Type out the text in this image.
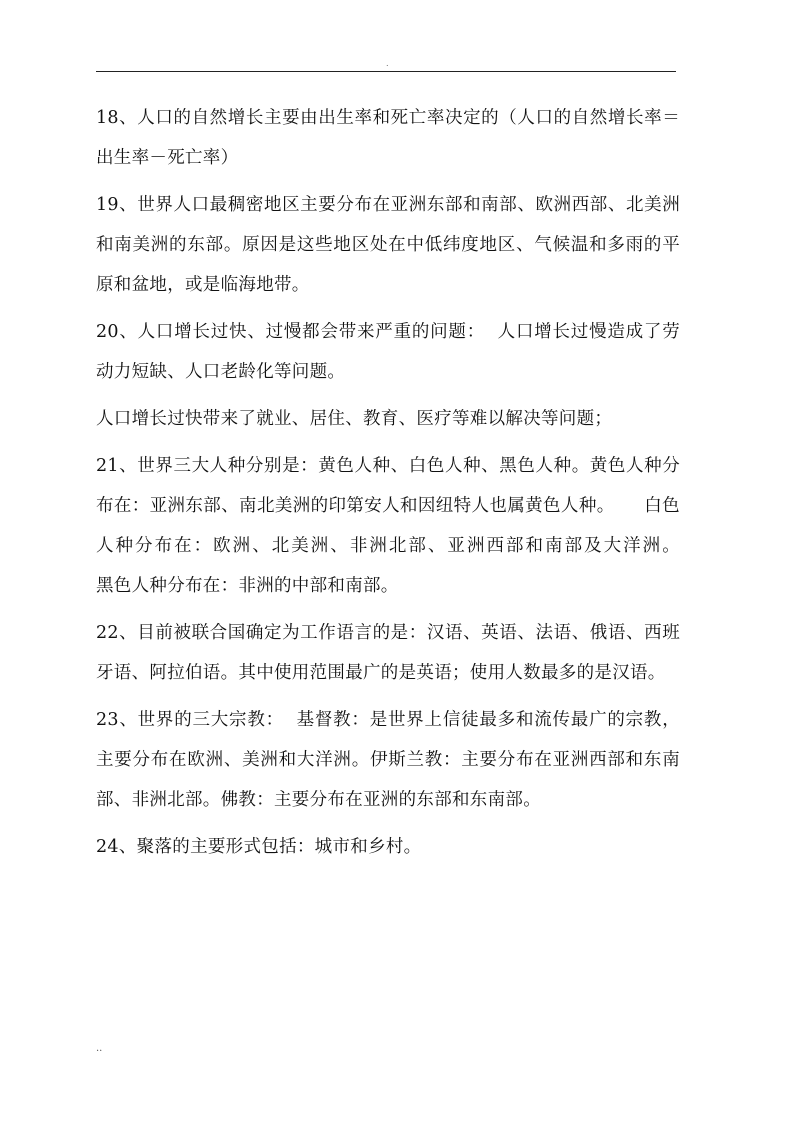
.

18、人口的自然增长主要由出生率和死亡率决定的（人口的自然增长率＝出生率－死亡率）

19、世界人口最稠密地区主要分布在亚洲东部和南部、欧洲西部、北美洲和南美洲的东部。原因是这些地区处在中低纬度地区、气候温和多雨的平原和盆地，或是临海地带。

20、人口增长过快、过慢都会带来严重的问题：  人口增长过慢造成了劳动力短缺、人口老龄化等问题。

人口增长过快带来了就业、居住、教育、医疗等难以解决等问题；

21、世界三大人种分别是：黄色人种、白色人种、黑色人种。黄色人种分布在：亚洲东部、南北美洲的印第安人和因纽特人也属黄色人种。     白色人种分布在：欧洲、北美洲、非洲北部、亚洲西部和南部及大洋洲。       黑色人种分布在：非洲的中部和南部。

22、目前被联合国确定为工作语言的是：汉语、英语、法语、俄语、西班牙语、阿拉伯语。其中使用范围最广的是英语；使用人数最多的是汉语。

23、世界的三大宗教：  基督教：是世界上信徒最多和流传最广的宗教，主要分布在欧洲、美洲和大洋洲。伊斯兰教：主要分布在亚洲西部和东南部、非洲北部。佛教：主要分布在亚洲的东部和东南部。

24、聚落的主要形式包括：城市和乡村。

..
